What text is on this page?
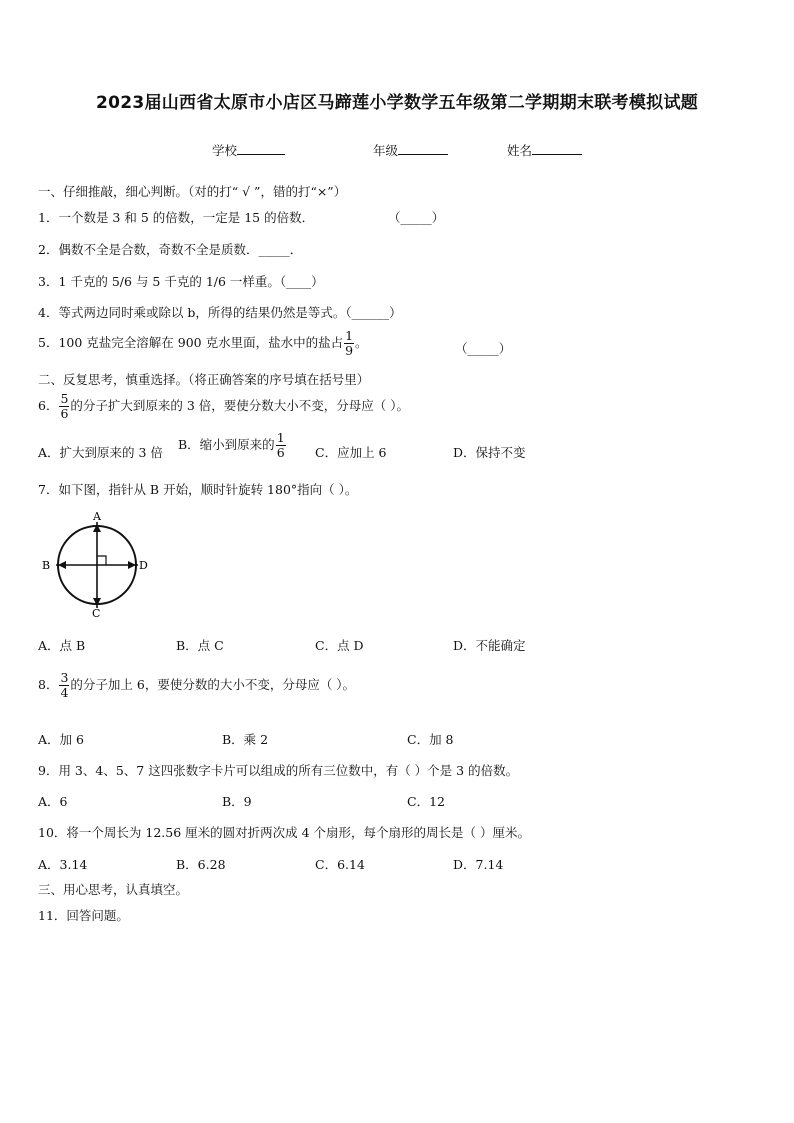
2023届山西省太原市小店区马蹄莲小学数学五年级第二学期期末联考模拟试题
学校	年级	姓名
一、仔细推敲，细心判断。（对的打“ √ ”，错的打“×”）
1．一个数是 3 和 5 的倍数，一定是 15 的倍数．	（_____）
2．偶数不全是合数，奇数不全是质数．_____．
3．1 千克的 5/6 与 5 千克的 1/6 一样重。（____）
4．等式两边同时乘或除以 b，所得的结果仍然是等式。（______）
5．100 克盐完全溶解在 900 克水里面，盐水中的盐占 $\frac{1}{9}$ 。	（_____）
二、反复思考，慎重选择。（将正确答案的序号填在括号里）
6． $\frac{5}{6}$ 的分子扩大到原来的 3 倍，要使分数大小不变，分母应（ ）。
A．扩大到原来的 3 倍
B．缩小到原来的 $\frac{1}{6}$ C．应加上 6	D．保持不变
7．如下图，指针从 B 开始，顺时针旋转 180°指向（ ）。
A
B
C
D
A．点 B	B．点 C	C．点 D	D．不能确定
8． $\frac{3}{4}$ 的分子加上 6，要使分数的大小不变，分母应（ ）。
A．加 6	B．乘 2	C．加 8
9．用 3、4、5、7 这四张数字卡片可以组成的所有三位数中，有（ ）个是 3 的倍数。
A．6	B．9	C．12
10．将一个周长为 12.56 厘米的圆对折两次成 4 个扇形，每个扇形的周长是（ ）厘米。
A．3.14	B．6.28	C．6.14	D．7.14
三、用心思考，认真填空。
11．回答问题。
